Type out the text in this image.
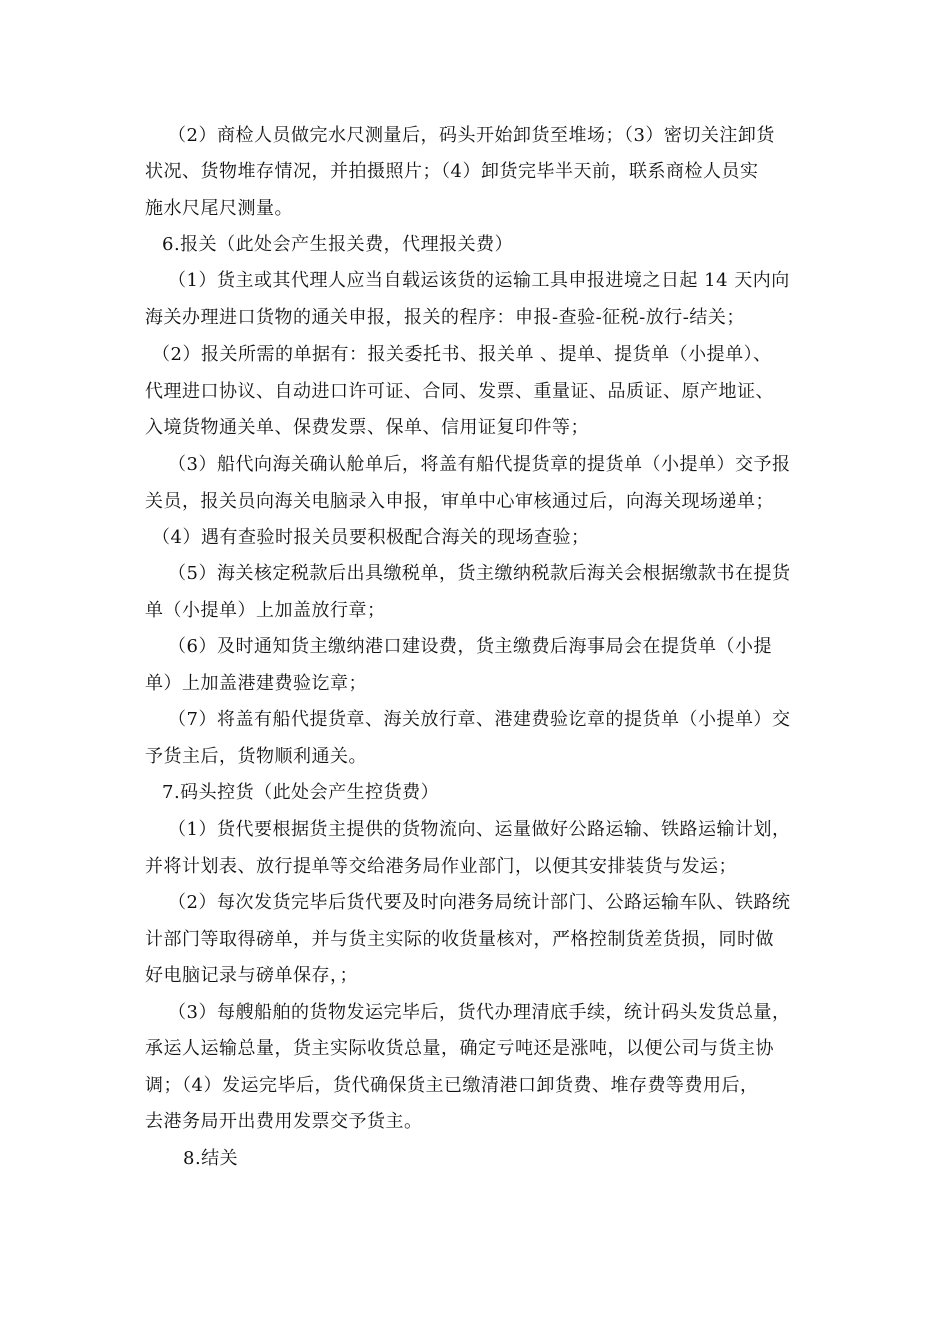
（2）商检人员做完水尺测量后，码头开始卸货至堆场；（3）密切关注卸货
状况、货物堆存情况，并拍摄照片；（4）卸货完毕半天前，联系商检人员实
施水尺尾尺测量。
6.报关（此处会产生报关费，代理报关费）
（1）货主或其代理人应当自载运该货的运输工具申报进境之日起 14 天内向
海关办理进口货物的通关申报，报关的程序：申报-查验-征税-放行-结关；
（2）报关所需的单据有：报关委托书、报关单 、提单、提货单（小提单）、
代理进口协议、自动进口许可证、合同、发票、重量证、品质证、原产地证、
入境货物通关单、保费发票、保单、信用证复印件等；
（3）船代向海关确认舱单后，将盖有船代提货章的提货单（小提单）交予报
关员，报关员向海关电脑录入申报，审单中心审核通过后，向海关现场递单；
（4）遇有查验时报关员要积极配合海关的现场查验；
（5）海关核定税款后出具缴税单，货主缴纳税款后海关会根据缴款书在提货
单（小提单）上加盖放行章；
（6）及时通知货主缴纳港口建设费，货主缴费后海事局会在提货单（小提
单）上加盖港建费验讫章；
（7）将盖有船代提货章、海关放行章、港建费验讫章的提货单（小提单）交
予货主后，货物顺利通关。
7.码头控货（此处会产生控货费）
（1）货代要根据货主提供的货物流向、运量做好公路运输、铁路运输计划，
并将计划表、放行提单等交给港务局作业部门，以便其安排装货与发运；
（2）每次发货完毕后货代要及时向港务局统计部门、公路运输车队、铁路统
计部门等取得磅单，并与货主实际的收货量核对，严格控制货差货损，同时做
好电脑记录与磅单保存，；
（3）每艘船舶的货物发运完毕后，货代办理清底手续，统计码头发货总量，
承运人运输总量，货主实际收货总量，确定亏吨还是涨吨，以便公司与货主协
调；（4）发运完毕后，货代确保货主已缴清港口卸货费、堆存费等费用后，
去港务局开出费用发票交予货主。
8.结关
